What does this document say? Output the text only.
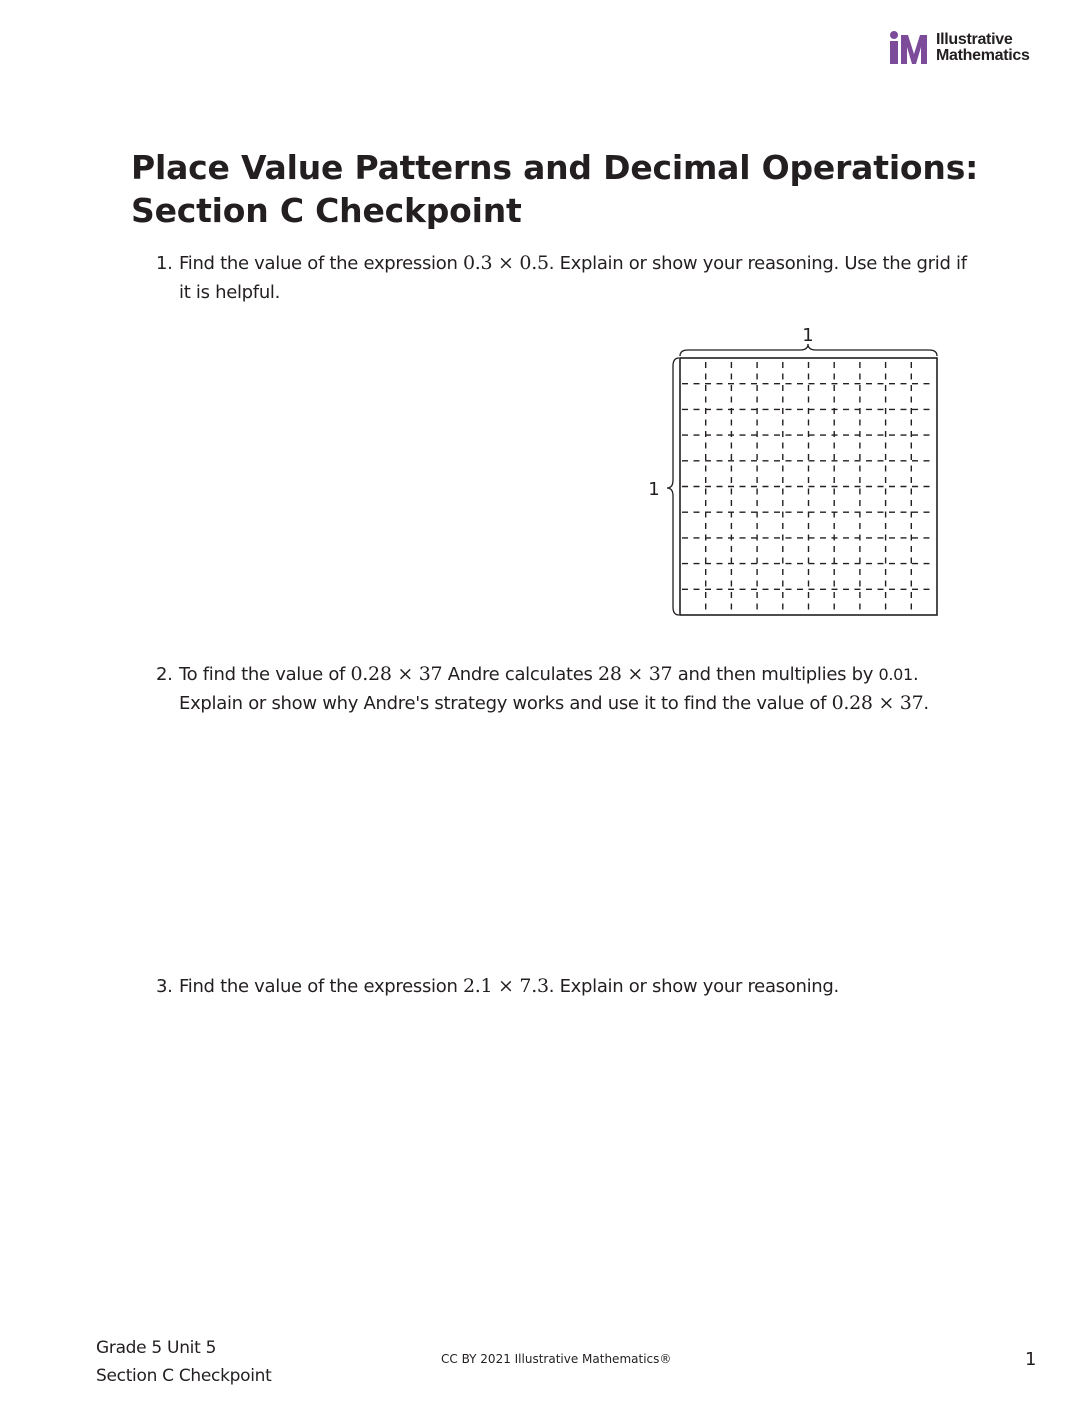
Illustrative
Mathematics
Place Value Patterns and Decimal Operations:
Section C Checkpoint
1. Find the value of the expression 0.3 × 0.5. Explain or show your reasoning. Use the grid if
it is helpful.
1
1
2. To find the value of 0.28 × 37 Andre calculates 28 × 37 and then multiplies by 0.01.
Explain or show why Andre's strategy works and use it to find the value of 0.28 × 37.
3. Find the value of the expression 2.1 × 7.3. Explain or show your reasoning.
Grade 5 Unit 5
Section C Checkpoint
CC BY 2021 Illustrative Mathematics®	1
